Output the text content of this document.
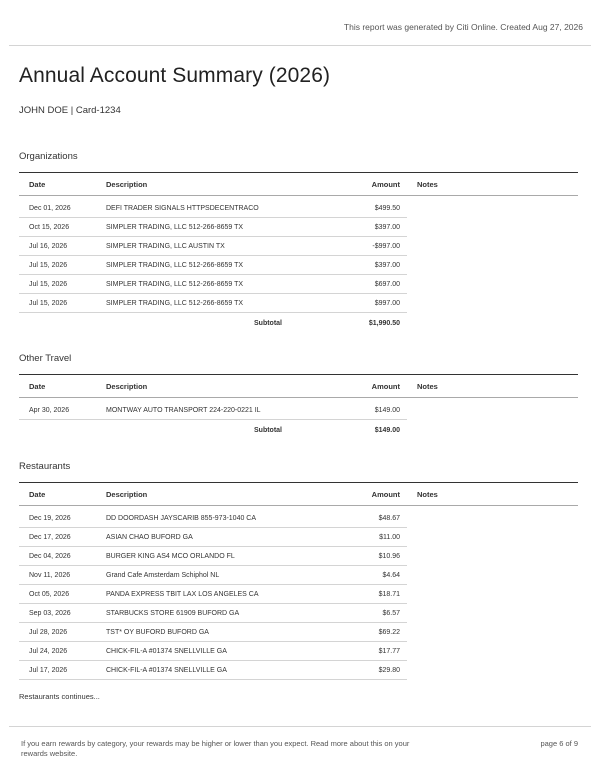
This report was generated by Citi Online. Created Aug 27, 2026
Annual Account Summary (2026)
JOHN DOE | Card-1234
Organizations
Date	Description	Amount	Notes
Dec 01, 2026	DEFI TRADER SIGNALS HTTPSDECENTRACO	$499.50	
Oct 15, 2026	SIMPLER TRADING, LLC 512-266-8659 TX	$397.00	
Jul 16, 2026	SIMPLER TRADING, LLC AUSTIN TX	-$997.00	
Jul 15, 2026	SIMPLER TRADING, LLC 512-266-8659 TX	$397.00	
Jul 15, 2026	SIMPLER TRADING, LLC 512-266-8659 TX	$697.00	
Jul 15, 2026	SIMPLER TRADING, LLC 512-266-8659 TX	$997.00	
	Subtotal	$1,990.50	
Other Travel
Date	Description	Amount	Notes
Apr 30, 2026	MONTWAY AUTO TRANSPORT 224-220-0221 IL	$149.00	
	Subtotal	$149.00	
Restaurants
Date	Description	Amount	Notes
Dec 19, 2026	DD DOORDASH JAYSCARIB 855-973-1040 CA	$48.67	
Dec 17, 2026	ASIAN CHAO BUFORD GA	$11.00	
Dec 04, 2026	BURGER KING AS4 MCO ORLANDO FL	$10.96	
Nov 11, 2026	Grand Cafe Amsterdam Schiphol NL	$4.64	
Oct 05, 2026	PANDA EXPRESS TBIT LAX LOS ANGELES CA	$18.71	
Sep 03, 2026	STARBUCKS STORE 61909 BUFORD GA	$6.57	
Jul 28, 2026	TST* OY BUFORD BUFORD GA	$69.22	
Jul 24, 2026	CHICK-FIL-A #01374 SNELLVILLE GA	$17.77	
Jul 17, 2026	CHICK-FIL-A #01374 SNELLVILLE GA	$29.80	
Restaurants continues...
If you earn rewards by category, your rewards may be higher or lower than you expect. Read more about this on your rewards website.
page 6 of 9
